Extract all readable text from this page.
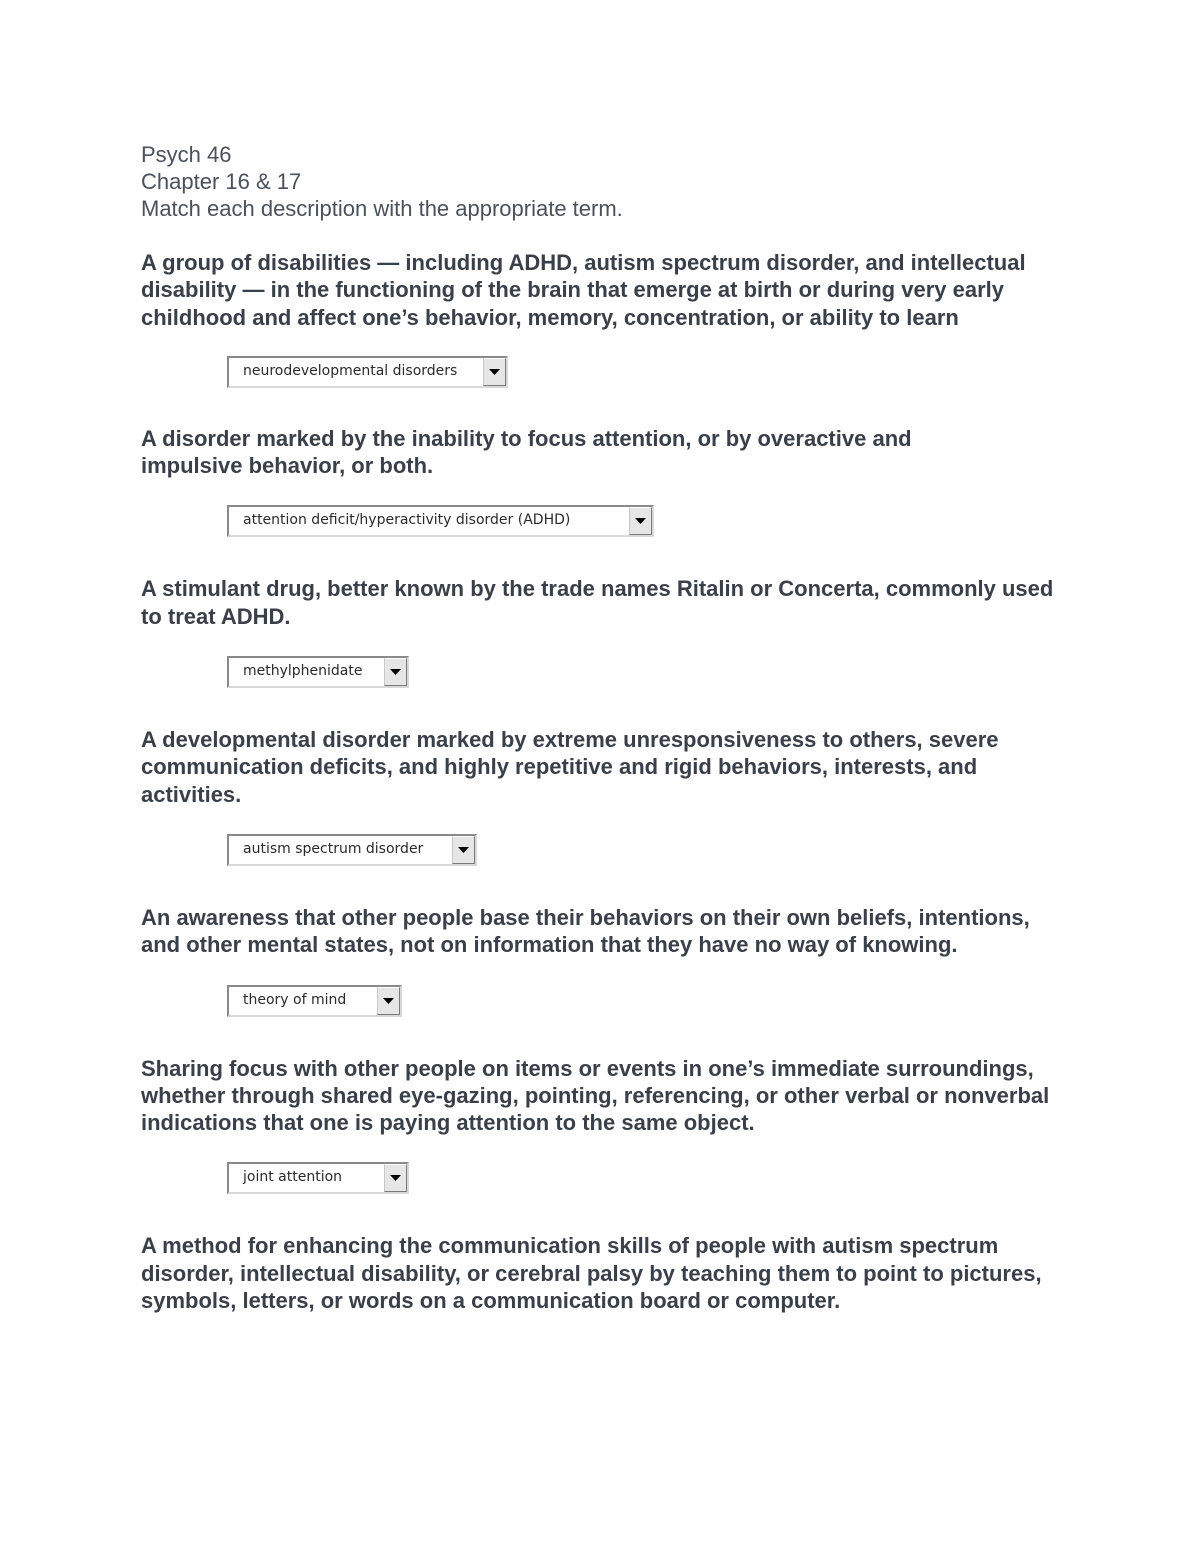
Psych 46

Chapter 16 & 17

Match each description with the appropriate term.

A group of disabilities — including ADHD, autism spectrum disorder, and intellectual disability — in the functioning of the brain that emerge at birth or during very early childhood and affect one’s behavior, memory, concentration, or ability to learn

neurodevelopmental disorders

A disorder marked by the inability to focus attention, or by overactive and impulsive behavior, or both.

attention deficit/hyperactivity disorder (ADHD)

A stimulant drug, better known by the trade names Ritalin or Concerta, commonly used to treat ADHD.

methylphenidate

A developmental disorder marked by extreme unresponsiveness to others, severe communication deficits, and highly repetitive and rigid behaviors, interests, and activities.

autism spectrum disorder

An awareness that other people base their behaviors on their own beliefs, intentions, and other mental states, not on information that they have no way of knowing.

theory of mind

Sharing focus with other people on items or events in one’s immediate surroundings, whether through shared eye-gazing, pointing, referencing, or other verbal or nonverbal indications that one is paying attention to the same object.

joint attention

A method for enhancing the communication skills of people with autism spectrum disorder, intellectual disability, or cerebral palsy by teaching them to point to pictures, symbols, letters, or words on a communication board or computer.
